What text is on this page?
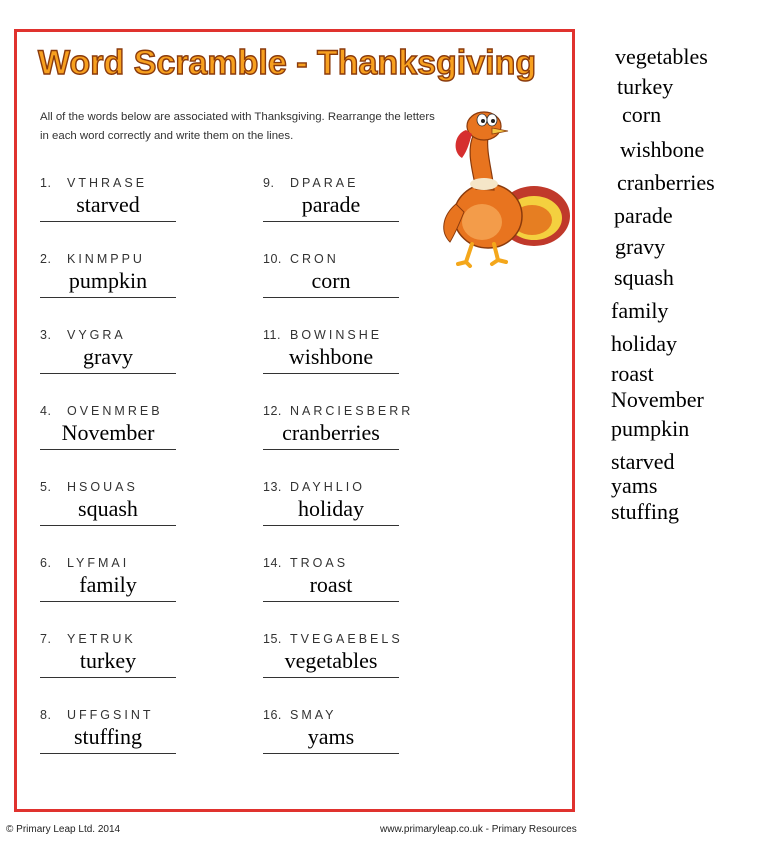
Word Scramble - Thanksgiving
All of the words below are associated with Thanksgiving. Rearrange the letters in each word correctly and write them on the lines.
1. VTHRASE
starved
2. KINMPPU
pumpkin
3. VYGRA
gravy
4. OVENMREB
November
5. HSOUAS
squash
6. LYFMAI
family
7. YETRUK
turkey
8. UFFGSINT
stuffing
9. DPARAE
parade
10. CRON
corn
11. BOWINSHE
wishbone
12. NARCIESBERR
cranberries
13. DAYHLIO
holiday
14. TROAS
roast
15. TVEGAEBELS
vegetables
16. SMAY
yams
vegetables
turkey
corn
wishbone
cranberries
parade
gravy
squash
family
holiday
roast
November
pumpkin
starved
yams
stuffing
© Primary Leap Ltd. 2014	www.primaryleap.co.uk - Primary Resources
